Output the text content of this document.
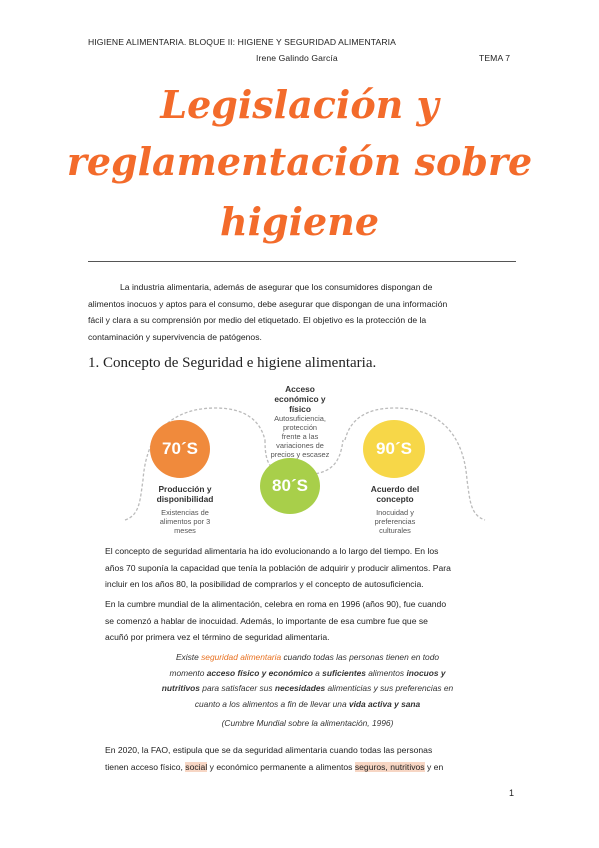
HIGIENE ALIMENTARIA. BLOQUE II: HIGIENE Y SEGURIDAD ALIMENTARIA
Irene Galindo García	TEMA 7
Legislación y
reglamentación sobre
higiene
La industria alimentaria, además de asegurar que los consumidores dispongan de
alimentos inocuos y aptos para el consumo, debe asegurar que dispongan de una información
fácil y clara a su comprensión por medio del etiquetado. El objetivo es la protección de la
contaminación y supervivencia de patógenos.
1. Concepto de Seguridad e higiene alimentaria.
70´S
80´S
90´S
Acceso
económico y
físico
Autosuficiencia,
protección
frente a las
variaciones de
precios y escasez
Producción y
disponibilidad
Existencias de
alimentos por 3
meses
Acuerdo del
concepto
Inocuidad y
preferencias
culturales
El concepto de seguridad alimentaria ha ido evolucionando a lo largo del tiempo. En los
años 70 suponía la capacidad que tenía la población de adquirir y producir alimentos. Para
incluir en los años 80, la posibilidad de comprarlos y el concepto de autosuficiencia.
En la cumbre mundial de la alimentación, celebra en roma en 1996 (años 90), fue cuando
se comenzó a hablar de inocuidad. Además, lo importante de esa cumbre fue que se
acuñó por primera vez el término de seguridad alimentaria.
Existe seguridad alimentaria cuando todas las personas tienen en todo
momento acceso físico y económico a suficientes alimentos inocuos y
nutritivos para satisfacer sus necesidades alimenticias y sus preferencias en
cuanto a los alimentos a fin de llevar una vida activa y sana
(Cumbre Mundial sobre la alimentación, 1996)
En 2020, la FAO, estipula que se da seguridad alimentaria cuando todas las personas
tienen acceso físico, social y económico permanente a alimentos seguros, nutritivos y en
1
